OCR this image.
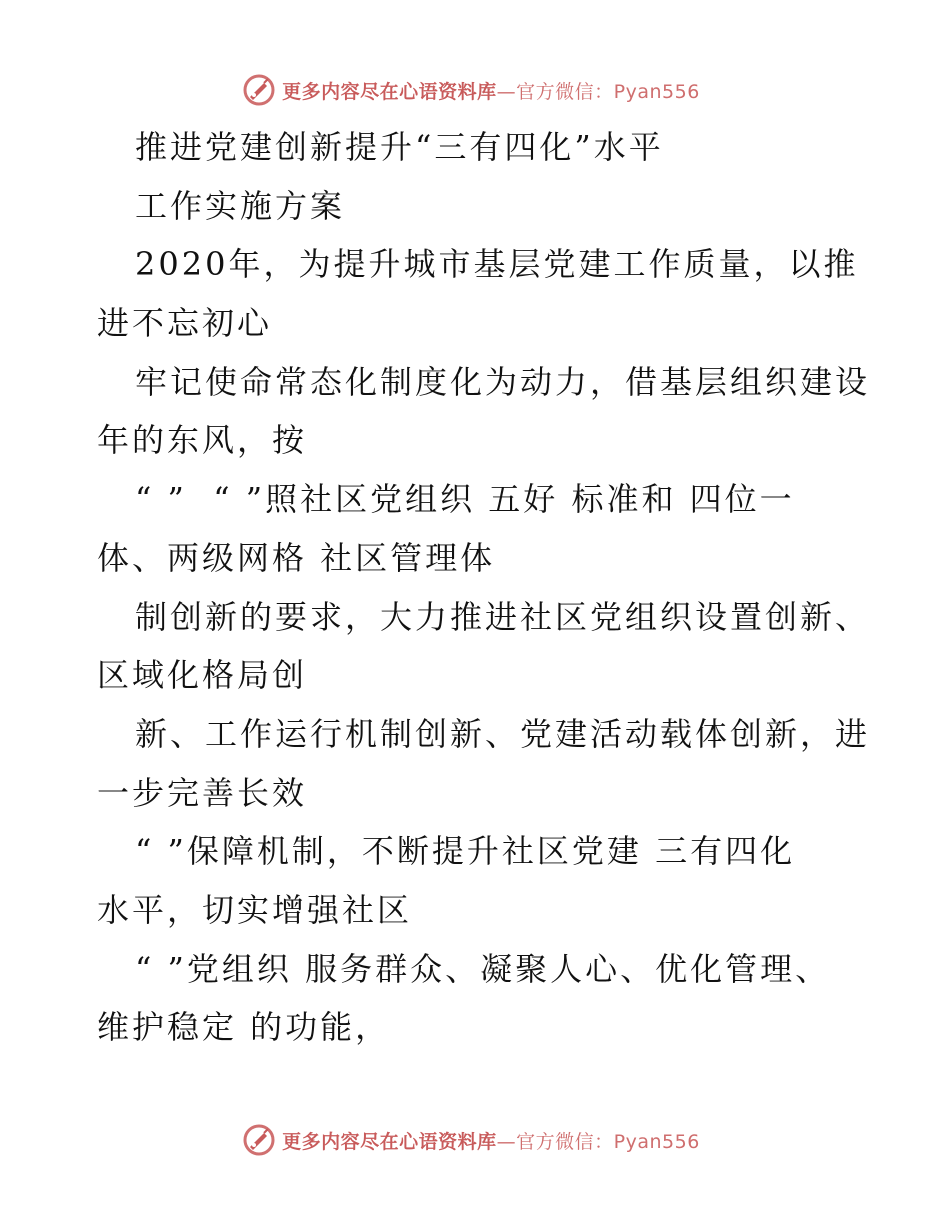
更多内容尽在心语资料库—官方微信：Pyan556
推进党建创新提升“三有四化”水平
工作实施方案
2020年，为提升城市基层党建工作质量，以推
进不忘初心
牢记使命常态化制度化为动力，借基层组织建设
年的东风，按
“ ”  “ ”照社区党组织 五好 标准和 四位一
体、两级网格 社区管理体
制创新的要求，大力推进社区党组织设置创新、
区域化格局创
新、工作运行机制创新、党建活动载体创新，进
一步完善长效
“ ”保障机制，不断提升社区党建 三有四化
水平，切实增强社区
“ ”党组织 服务群众、凝聚人心、优化管理、
维护稳定 的功能，
更多内容尽在心语资料库—官方微信：Pyan556
